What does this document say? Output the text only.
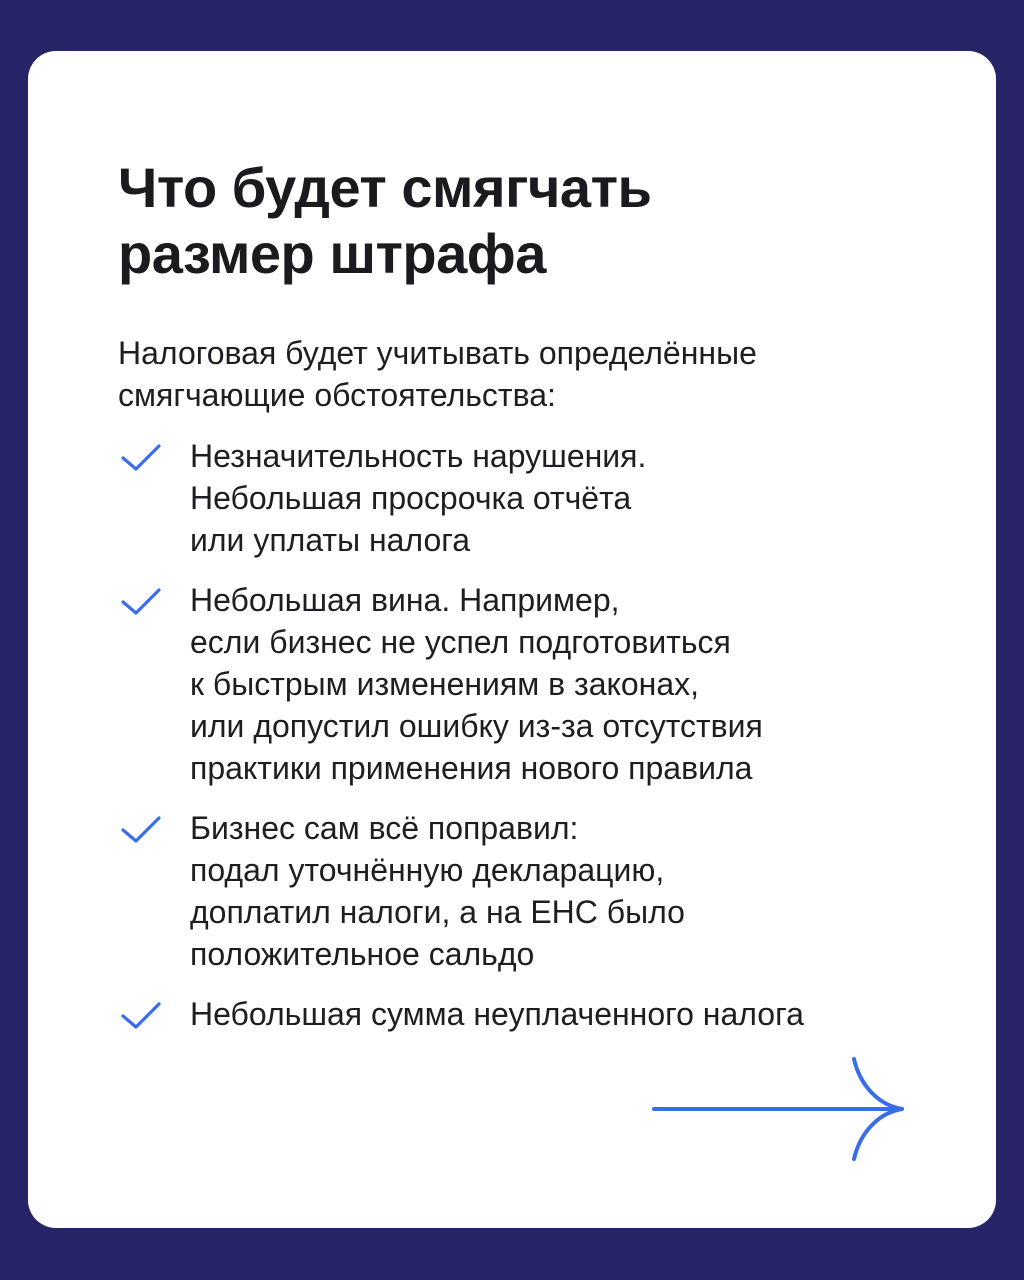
Что будет смягчать
размер штрафа

Налоговая будет учитывать определённые
смягчающие обстоятельства:

Незначительность нарушения.
Небольшая просрочка отчёта
или уплаты налога
Небольшая вина. Например,
если бизнес не успел подготовиться
к быстрым изменениям в законах,
или допустил ошибку из-за отсутствия
практики применения нового правила
Бизнес сам всё поправил:
подал уточнённую декларацию,
доплатил налоги, а на ЕНС было
положительное сальдо
Небольшая сумма неуплаченного налога
